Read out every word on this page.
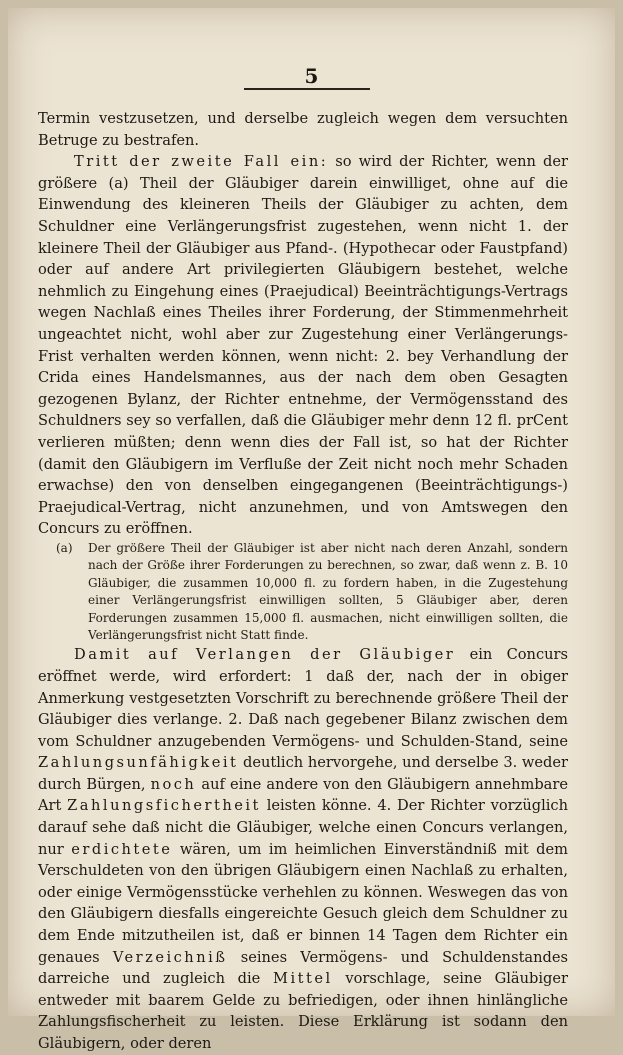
5

Termin vestzusetzen, und derselbe zugleich wegen dem versuchten Betruge zu bestrafen.

Tritt der zweite Fall ein: so wird der Richter, wenn der größere (a) Theil der Gläubiger darein einwilliget, ohne auf die Einwendung des kleineren Theils der Gläubiger zu achten, dem Schuldner eine Verlängerungsfrist zugestehen, wenn nicht 1. der kleinere Theil der Gläubiger aus Pfand-. (Hypothecar oder Faustpfand) oder auf andere Art privilegierten Gläubigern bestehet, welche nehmlich zu Eingehung eines (Praejudical) Beeinträchtigungs-Vertrags wegen Nachlaß eines Theiles ihrer Forderung, der Stimmenmehrheit ungeachtet nicht, wohl aber zur Zugestehung einer Verlängerungs-Frist verhalten werden können, wenn nicht: 2. bey Verhandlung der Crida eines Handelsmannes, aus der nach dem oben Gesagten gezogenen Bylanz, der Richter entnehme, der Vermögensstand des Schuldners sey so verfallen, daß die Gläubiger mehr denn 12 fl. prCent verlieren müßten; denn wenn dies der Fall ist, so hat der Richter (damit den Gläubigern im Verfluße der Zeit nicht noch mehr Schaden erwachse) den von denselben eingegangenen (Beeinträchtigungs-) Praejudical-Vertrag, nicht anzunehmen, und von Amtswegen den Concurs zu eröffnen.

(a) Der größere Theil der Gläubiger ist aber nicht nach deren Anzahl, sondern nach der Größe ihrer Forderungen zu berechnen, so zwar, daß wenn z. B. 10 Gläubiger, die zusammen 10,000 fl. zu fordern haben, in die Zugestehung einer Verlängerungsfrist einwilligen sollten, 5 Gläubiger aber, deren Forderungen zusammen 15,000 fl. ausmachen, nicht einwilligen sollten, die Verlängerungsfrist nicht Statt finde.

Damit auf Verlangen der Gläubiger ein Concurs eröffnet werde, wird erfordert: 1 daß der, nach der in obiger Anmerkung vestgesetzten Vorschrift zu berechnende größere Theil der Gläubiger dies verlange. 2. Daß nach gegebener Bilanz zwischen dem vom Schuldner anzugebenden Vermögens- und Schulden-Stand, seine Zahlungsunfähigkeit deutlich hervorgehe, und derselbe 3. weder durch Bürgen, noch auf eine andere von den Gläubigern annehmbare Art Zahlungsfichertheit leisten könne. 4. Der Richter vorzüglich darauf sehe daß nicht die Gläubiger, welche einen Concurs verlangen, nur erdichtete wären, um im heimlichen Einverständniß mit dem Verschuldeten von den übrigen Gläubigern einen Nachlaß zu erhalten, oder einige Vermögensstücke verhehlen zu können. Weswegen das von den Gläubigern diesfalls eingereichte Gesuch gleich dem Schuldner zu dem Ende mitzutheilen ist, daß er binnen 14 Tagen dem Richter ein genaues Verzeichniß seines Vermögens- und Schuldenstandes darreiche und zugleich die Mittel vorschlage, seine Gläubiger entweder mit baarem Gelde zu befriedigen, oder ihnen hinlängliche Zahlungsfischerheit zu leisten. Diese Erklärung ist sodann den Gläubigern, oder deren
